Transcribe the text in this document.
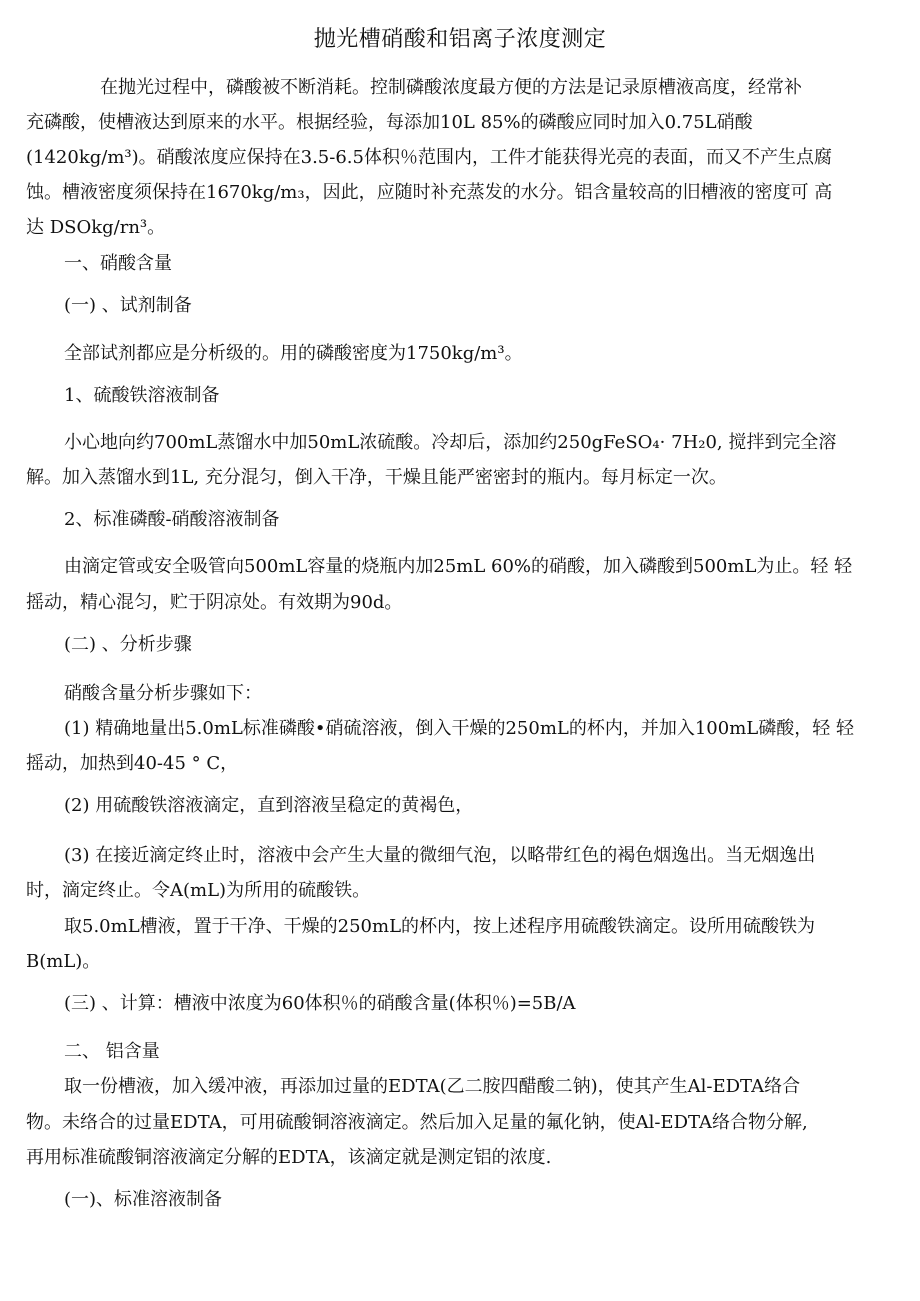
抛光槽硝酸和铝离子浓度测定
在抛光过程中，磷酸被不断消耗。控制磷酸浓度最方便的方法是记录原槽液高度，经常补
充磷酸，使槽液达到原来的水平。根据经验，每添加10L 85%的磷酸应同时加入0.75L硝酸
(1420kg/m³)。硝酸浓度应保持在3.5-6.5体积％范围内，工件才能获得光亮的表面，而又不产生点腐
蚀。槽液密度须保持在1670kg/m₃，因此，应随时补充蒸发的水分。铝含量较高的旧槽液的密度可 高
达 DSOkg/rn³。
一、硝酸含量
(一) 、试剂制备
全部试剂都应是分析级的。用的磷酸密度为1750kg/m³。
1、硫酸铁溶液制备
小心地向约700mL蒸馏水中加50mL浓硫酸。冷却后，添加约250gFeSO₄· 7H₂0, 搅拌到完全溶
解。加入蒸馏水到1L, 充分混匀，倒入干净，干燥且能严密密封的瓶内。每月标定一次。
2、标准磷酸-硝酸溶液制备
由滴定管或安全吸管向500mL容量的烧瓶内加25mL 60%的硝酸，加入磷酸到500mL为止。轻 轻
摇动，精心混匀，贮于阴凉处。有效期为90d。
(二) 、分析步骤
硝酸含量分析步骤如下：
(1) 精确地量出5.0mL标准磷酸•硝硫溶液，倒入干燥的250mL的杯内，并加入100mL磷酸，轻 轻
摇动，加热到40-45 ° C，
(2) 用硫酸铁溶液滴定，直到溶液呈稳定的黄褐色，
(3) 在接近滴定终止时，溶液中会产生大量的微细气泡，以略带红色的褐色烟逸出。当无烟逸出
时，滴定终止。令A(mL)为所用的硫酸铁。
取5.0mL槽液，置于干净、干燥的250mL的杯内，按上述程序用硫酸铁滴定。设所用硫酸铁为
B(mL)。
(三) 、计算：槽液中浓度为60体积％的硝酸含量(体积％)=5B/A
二、 铝含量
取一份槽液，加入缓冲液，再添加过量的EDTA(乙二胺四醋酸二钠)，使其产生Al-EDTA络合
物。未络合的过量EDTA，可用硫酸铜溶液滴定。然后加入足量的氟化钠，使Al-EDTA络合物分解,
再用标准硫酸铜溶液滴定分解的EDTA，该滴定就是测定铝的浓度.
(一)、标准溶液制备
